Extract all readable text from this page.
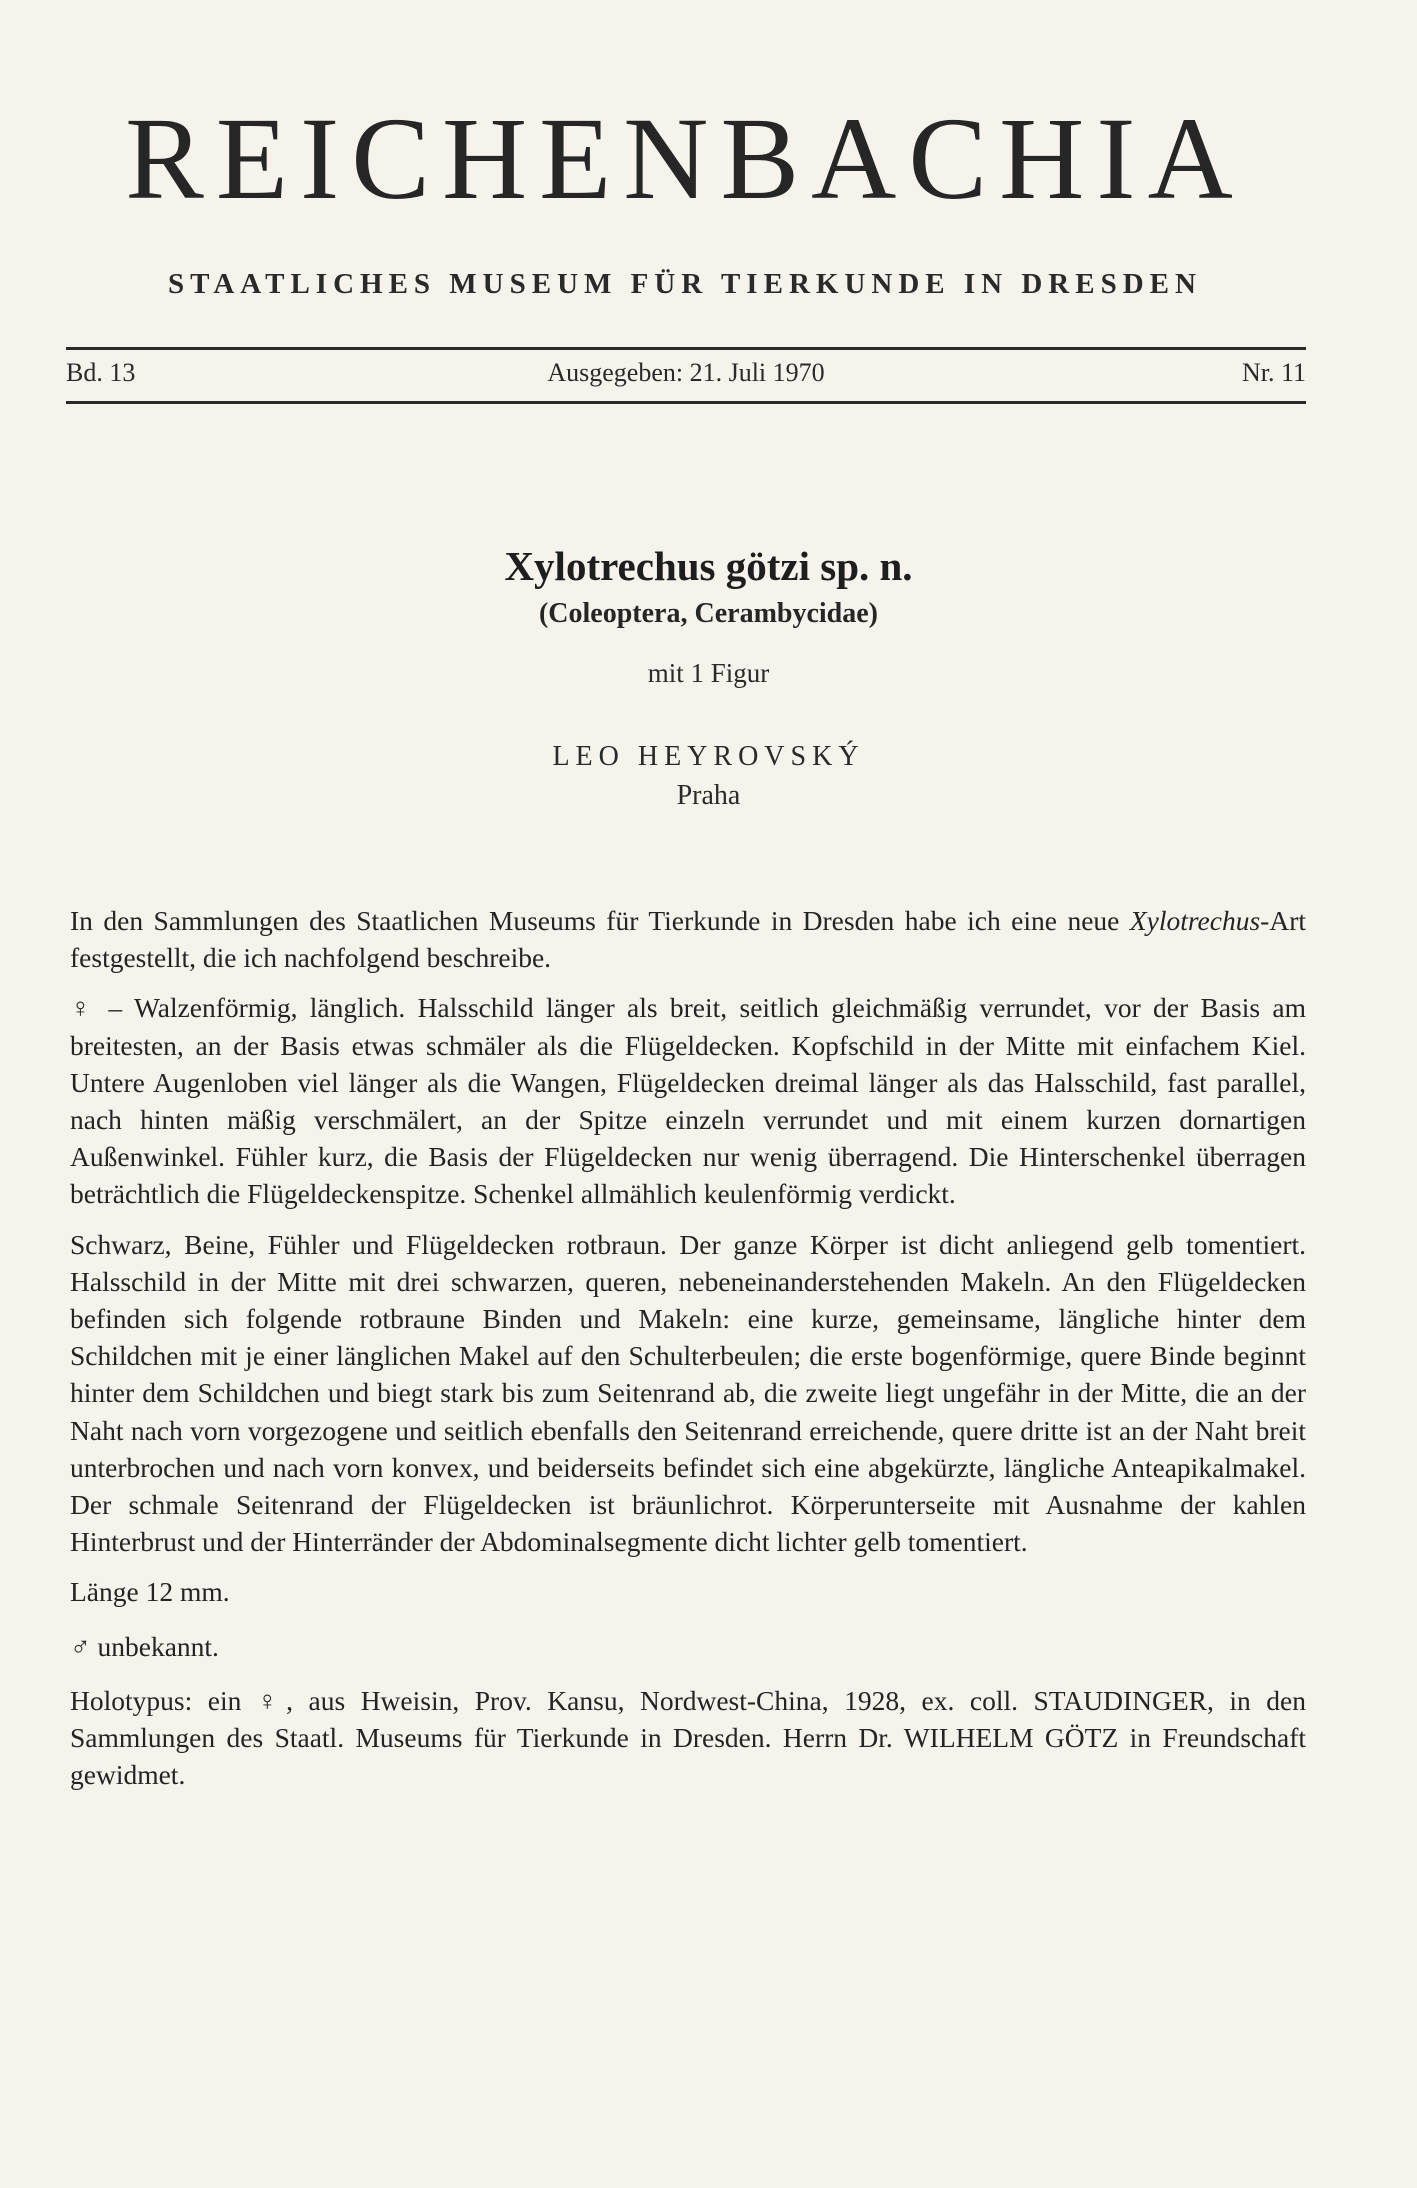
REICHENBACHIA
STAATLICHES MUSEUM FÜR TIERKUNDE IN DRESDEN
Bd. 13	Ausgegeben: 21. Juli 1970	Nr. 11
Xylotrechus götzi sp. n.
(Coleoptera, Cerambycidae)
mit 1 Figur
LEO HEYROVSKÝ
Praha

In den Sammlungen des Staatlichen Museums für Tierkunde in Dresden habe ich eine neue Xylotrechus-Art festgestellt, die ich nachfolgend beschreibe.

♀ – Walzenförmig, länglich. Halsschild länger als breit, seitlich gleichmäßig verrundet, vor der Basis am breitesten, an der Basis etwas schmäler als die Flügeldecken. Kopfschild in der Mitte mit einfachem Kiel. Untere Augenloben viel länger als die Wangen, Flügeldecken dreimal länger als das Halsschild, fast parallel, nach hinten mäßig verschmälert, an der Spitze einzeln verrundet und mit einem kurzen dornartigen Außenwinkel. Fühler kurz, die Basis der Flügeldecken nur wenig überragend. Die Hinterschenkel überragen beträchtlich die Flügeldeckenspitze. Schenkel allmählich keulenförmig verdickt.

Schwarz, Beine, Fühler und Flügeldecken rotbraun. Der ganze Körper ist dicht anliegend gelb tomentiert. Halsschild in der Mitte mit drei schwarzen, queren, nebeneinanderstehenden Makeln. An den Flügeldecken befinden sich folgende rotbraune Binden und Makeln: eine kurze, gemeinsame, längliche hinter dem Schildchen mit je einer länglichen Makel auf den Schulterbeulen; die erste bogenförmige, quere Binde beginnt hinter dem Schildchen und biegt stark bis zum Seitenrand ab, die zweite liegt ungefähr in der Mitte, die an der Naht nach vorn vorgezogene und seitlich ebenfalls den Seitenrand erreichende, quere dritte ist an der Naht breit unterbrochen und nach vorn konvex, und beiderseits befindet sich eine abgekürzte, längliche Anteapikalmakel. Der schmale Seitenrand der Flügeldecken ist bräunlichrot. Körperunterseite mit Ausnahme der kahlen Hinterbrust und der Hinterränder der Abdominalsegmente dicht lichter gelb tomentiert.

Länge 12 mm.

♂ unbekannt.

Holotypus: ein ♀, aus Hweisin, Prov. Kansu, Nordwest-China, 1928, ex. coll. STAUDINGER, in den Sammlungen des Staatl. Museums für Tierkunde in Dresden. Herrn Dr. WILHELM GÖTZ in Freundschaft gewidmet.
